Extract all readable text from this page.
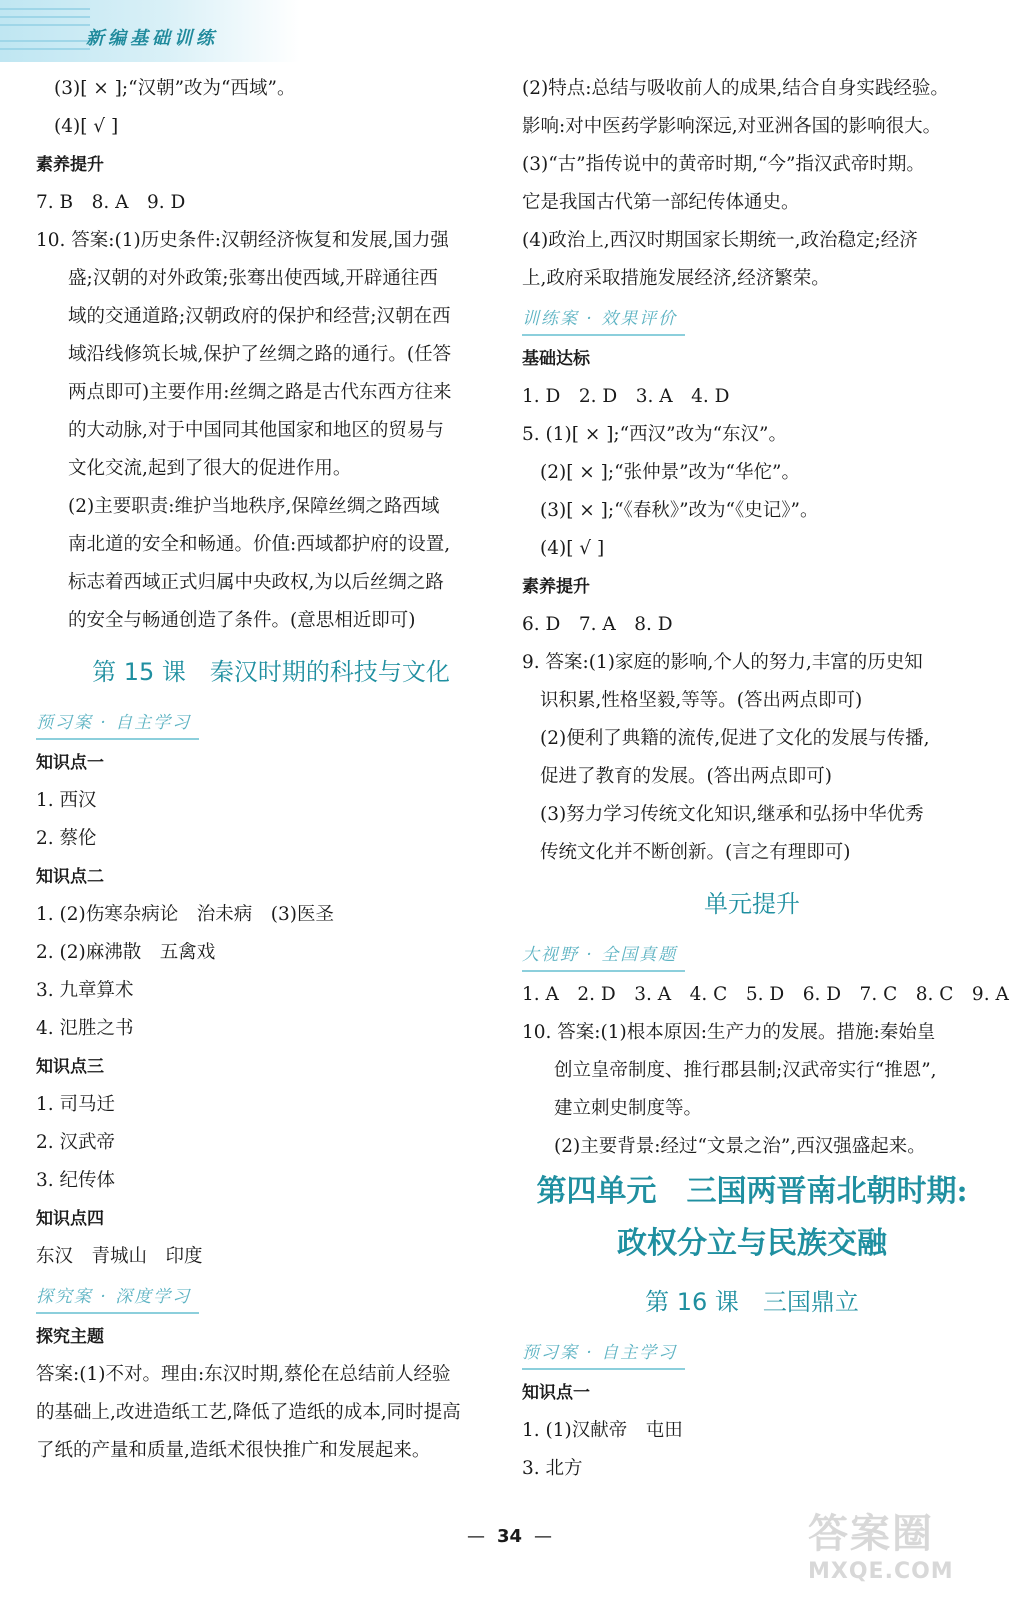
新编基础训练
(3)[ × ];“汉朝”改为“西域”。
(4)[ √ ]
素养提升
7. B　8. A　9. D
10. 答案:(1)历史条件:汉朝经济恢复和发展,国力强
盛;汉朝的对外政策;张骞出使西域,开辟通往西
域的交通道路;汉朝政府的保护和经营;汉朝在西
域沿线修筑长城,保护了丝绸之路的通行。(任答
两点即可)主要作用:丝绸之路是古代东西方往来
的大动脉,对于中国同其他国家和地区的贸易与
文化交流,起到了很大的促进作用。
(2)主要职责:维护当地秩序,保障丝绸之路西域
南北道的安全和畅通。价值:西域都护府的设置,
标志着西域正式归属中央政权,为以后丝绸之路
的安全与畅通创造了条件。(意思相近即可)
第 15 课　秦汉时期的科技与文化
预习案 · 自主学习
知识点一
1. 西汉
2. 蔡伦
知识点二
1. (2)伤寒杂病论　治未病　(3)医圣
2. (2)麻沸散　五禽戏
3. 九章算术
4. 氾胜之书
知识点三
1. 司马迁
2. 汉武帝
3. 纪传体
知识点四
东汉　青城山　印度
探究案 · 深度学习
探究主题
答案:(1)不对。理由:东汉时期,蔡伦在总结前人经验
的基础上,改进造纸工艺,降低了造纸的成本,同时提高
了纸的产量和质量,造纸术很快推广和发展起来。
(2)特点:总结与吸收前人的成果,结合自身实践经验。
影响:对中医药学影响深远,对亚洲各国的影响很大。
(3)“古”指传说中的黄帝时期,“今”指汉武帝时期。
它是我国古代第一部纪传体通史。
(4)政治上,西汉时期国家长期统一,政治稳定;经济
上,政府采取措施发展经济,经济繁荣。
训练案 · 效果评价
基础达标
1. D　2. D　3. A　4. D
5. (1)[ × ];“西汉”改为“东汉”。
(2)[ × ];“张仲景”改为“华佗”。
(3)[ × ];“《春秋》”改为“《史记》”。
(4)[ √ ]
素养提升
6. D　7. A　8. D
9. 答案:(1)家庭的影响,个人的努力,丰富的历史知
识积累,性格坚毅,等等。(答出两点即可)
(2)便利了典籍的流传,促进了文化的发展与传播,
促进了教育的发展。(答出两点即可)
(3)努力学习传统文化知识,继承和弘扬中华优秀
传统文化并不断创新。(言之有理即可)
单元提升
大视野 · 全国真题
1. A　2. D　3. A　4. C　5. D　6. D　7. C　8. C　9. A
10. 答案:(1)根本原因:生产力的发展。措施:秦始皇
创立皇帝制度、推行郡县制;汉武帝实行“推恩”,
建立刺史制度等。
(2)主要背景:经过“文景之治”,西汉强盛起来。
第四单元　三国两晋南北朝时期:
政权分立与民族交融
第 16 课　三国鼎立
预习案 · 自主学习
知识点一
1. (1)汉献帝　屯田
3. 北方
— 34 —	答案圈
MXQE.COM
